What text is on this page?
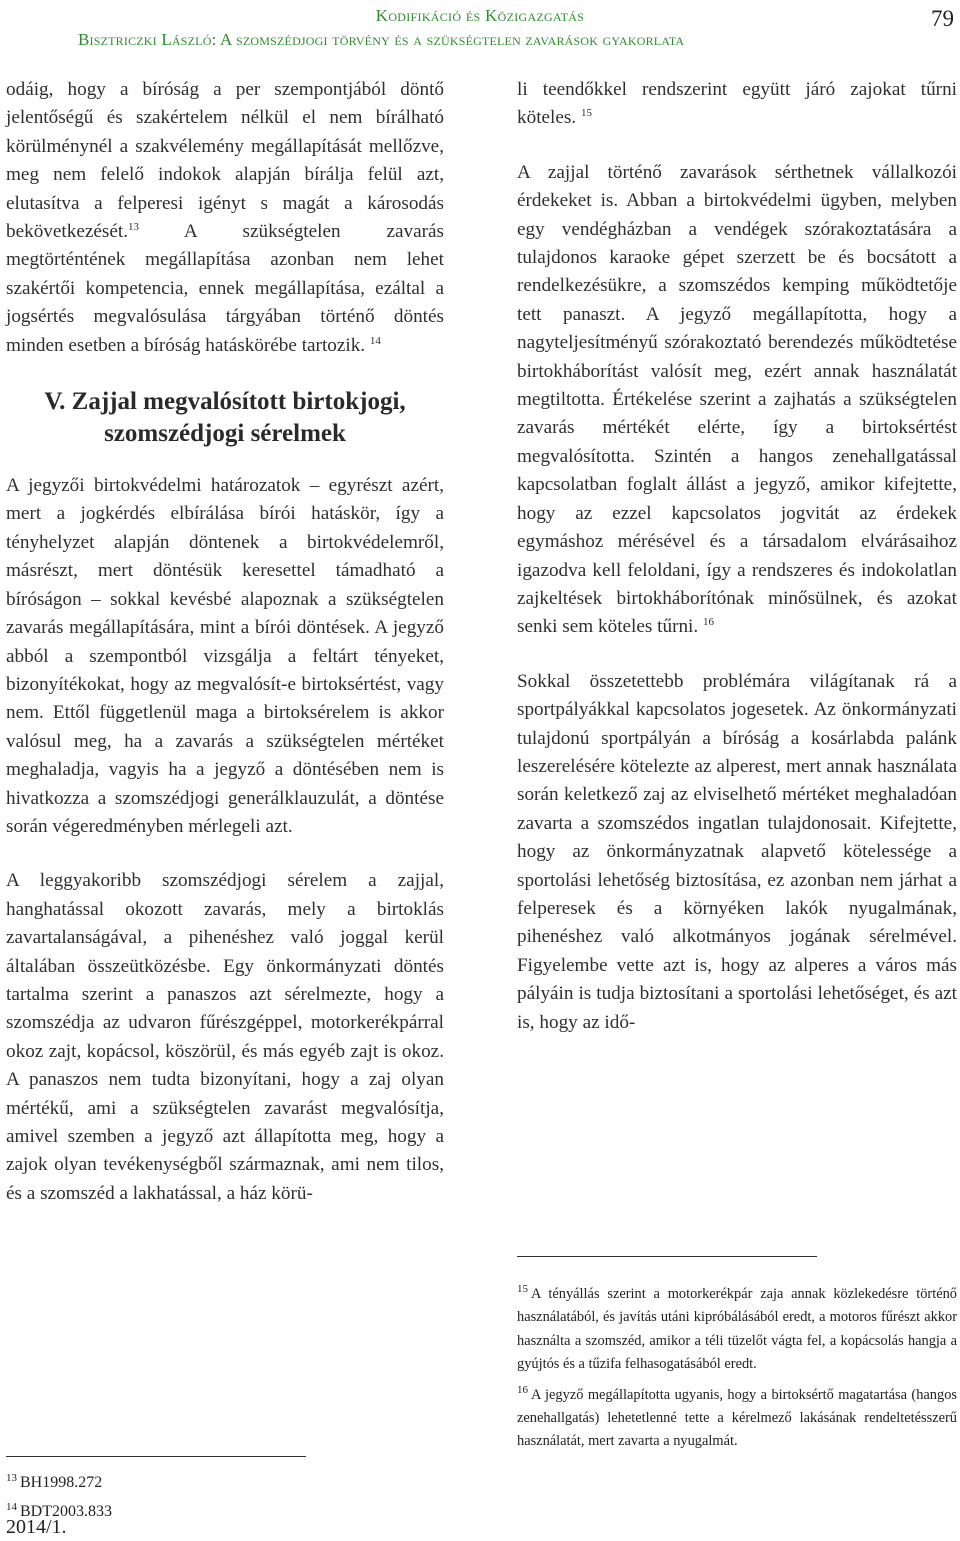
Kodifikáció és Közigazgatás
Bisztriczki László: A szomszédjogi törvény és a szükségtelen zavarások gyakorlata
79

odáig, hogy a bíróság a per szempontjából döntő jelentőségű és szakértelem nélkül el nem bírálható körülménynél a szakvélemény megállapítását mellőzve, meg nem felelő indokok alapján bírálja felül azt, elutasítva a felperesi igényt s magát a károsodás bekövetkezését.$^{13}$ A szükségtelen zavarás megtörténtének megállapítása azonban nem lehet szakértői kompetencia, ennek megállapítása, ezáltal a jogsértés megvalósulása tárgyában történő döntés minden esetben a bíróság hatáskörébe tartozik. $^{14}$

V. Zajjal megvalósított birtokjogi,
szomszédjogi sérelmek

A jegyzői birtokvédelmi határozatok – egyrészt azért, mert a jogkérdés elbírálása bírói hatáskör, így a tényhelyzet alapján döntenek a birtokvédelemről, másrészt, mert döntésük keresettel támadható a bíróságon – sokkal kevésbé alapoznak a szükségtelen zavarás megállapítására, mint a bírói döntések. A jegyző abból a szempontból vizsgálja a feltárt tényeket, bizonyítékokat, hogy az megvalósít-e birtoksértést, vagy nem. Ettől függetlenül maga a birtoksérelem is akkor valósul meg, ha a zavarás a szükségtelen mértéket meghaladja, vagyis ha a jegyző a döntésében nem is hivatkozza a szomszédjogi generálklauzulát, a döntése során végeredményben mérlegeli azt.

A leggyakoribb szomszédjogi sérelem a zajjal, hanghatással okozott zavarás, mely a birtoklás zavartalanságával, a pihenéshez való joggal kerül általában összeütközésbe. Egy önkormányzati döntés tartalma szerint a panaszos azt sérelmezte, hogy a szomszédja az udvaron fűrészgéppel, motorkerékpárral okoz zajt, kopácsol, köszörül, és más egyéb zajt is okoz. A panaszos nem tudta bizonyítani, hogy a zaj olyan mértékű, ami a szükségtelen zavarást megvalósítja, amivel szemben a jegyző azt állapította meg, hogy a zajok olyan tevékenységből származnak, ami nem tilos, és a szomszéd a lakhatással, a ház körü-

li teendőkkel rendszerint együtt járó zajokat tűrni köteles. $^{15}$

A zajjal történő zavarások sérthetnek vállalkozói érdekeket is. Abban a birtokvédelmi ügyben, melyben egy vendégházban a vendégek szórakoztatására a tulajdonos karaoke gépet szerzett be és bocsátott a rendelkezésükre, a szomszédos kemping működtetője tett panaszt. A jegyző megállapította, hogy a nagyteljesítményű szórakoztató berendezés működtetése birtokháborítást valósít meg, ezért annak használatát megtiltotta. Értékelése szerint a zajhatás a szükségtelen zavarás mértékét elérte, így a birtoksértést megvalósította. Szintén a hangos zenehallgatással kapcsolatban foglalt állást a jegyző, amikor kifejtette, hogy az ezzel kapcsolatos jogvitát az érdekek egymáshoz mérésével és a társadalom elvárásaihoz igazodva kell feloldani, így a rendszeres és indokolatlan zajkeltések birtokháborítónak minősülnek, és azokat senki sem köteles tűrni. $^{16}$

Sokkal összetettebb problémára világítanak rá a sportpályákkal kapcsolatos jogesetek. Az önkormányzati tulajdonú sportpályán a bíróság a kosárlabda palánk leszerelésére kötelezte az alperest, mert annak használata során keletkező zaj az elviselhető mértéket meghaladóan zavarta a szomszédos ingatlan tulajdonosait. Kifejtette, hogy az önkormányzatnak alapvető kötelessége a sportolási lehetőség biztosítása, ez azonban nem járhat a felperesek és a környéken lakók nyugalmának, pihenéshez való alkotmányos jogának sérelmével. Figyelembe vette azt is, hogy az alperes a város más pályáin is tudja biztosítani a sportolási lehetőséget, és azt is, hogy az idő-

$^{13}$ BH1998.272
$^{14}$ BDT2003.833
$^{15}$ A tényállás szerint a motorkerékpár zaja annak közlekedésre történő használatából, és javítás utáni kipróbálásából eredt, a motoros fűrészt akkor használta a szomszéd, amikor a téli tüzelőt vágta fel, a kopácsolás hangja a gyújtós és a tűzifa felhasogatásából eredt.
$^{16}$ A jegyző megállapította ugyanis, hogy a birtoksértő magatartása (hangos zenehallgatás) lehetetlenné tette a kérelmező lakásának rendeltetésszerű használatát, mert zavarta a nyugalmát.
2014/1.
